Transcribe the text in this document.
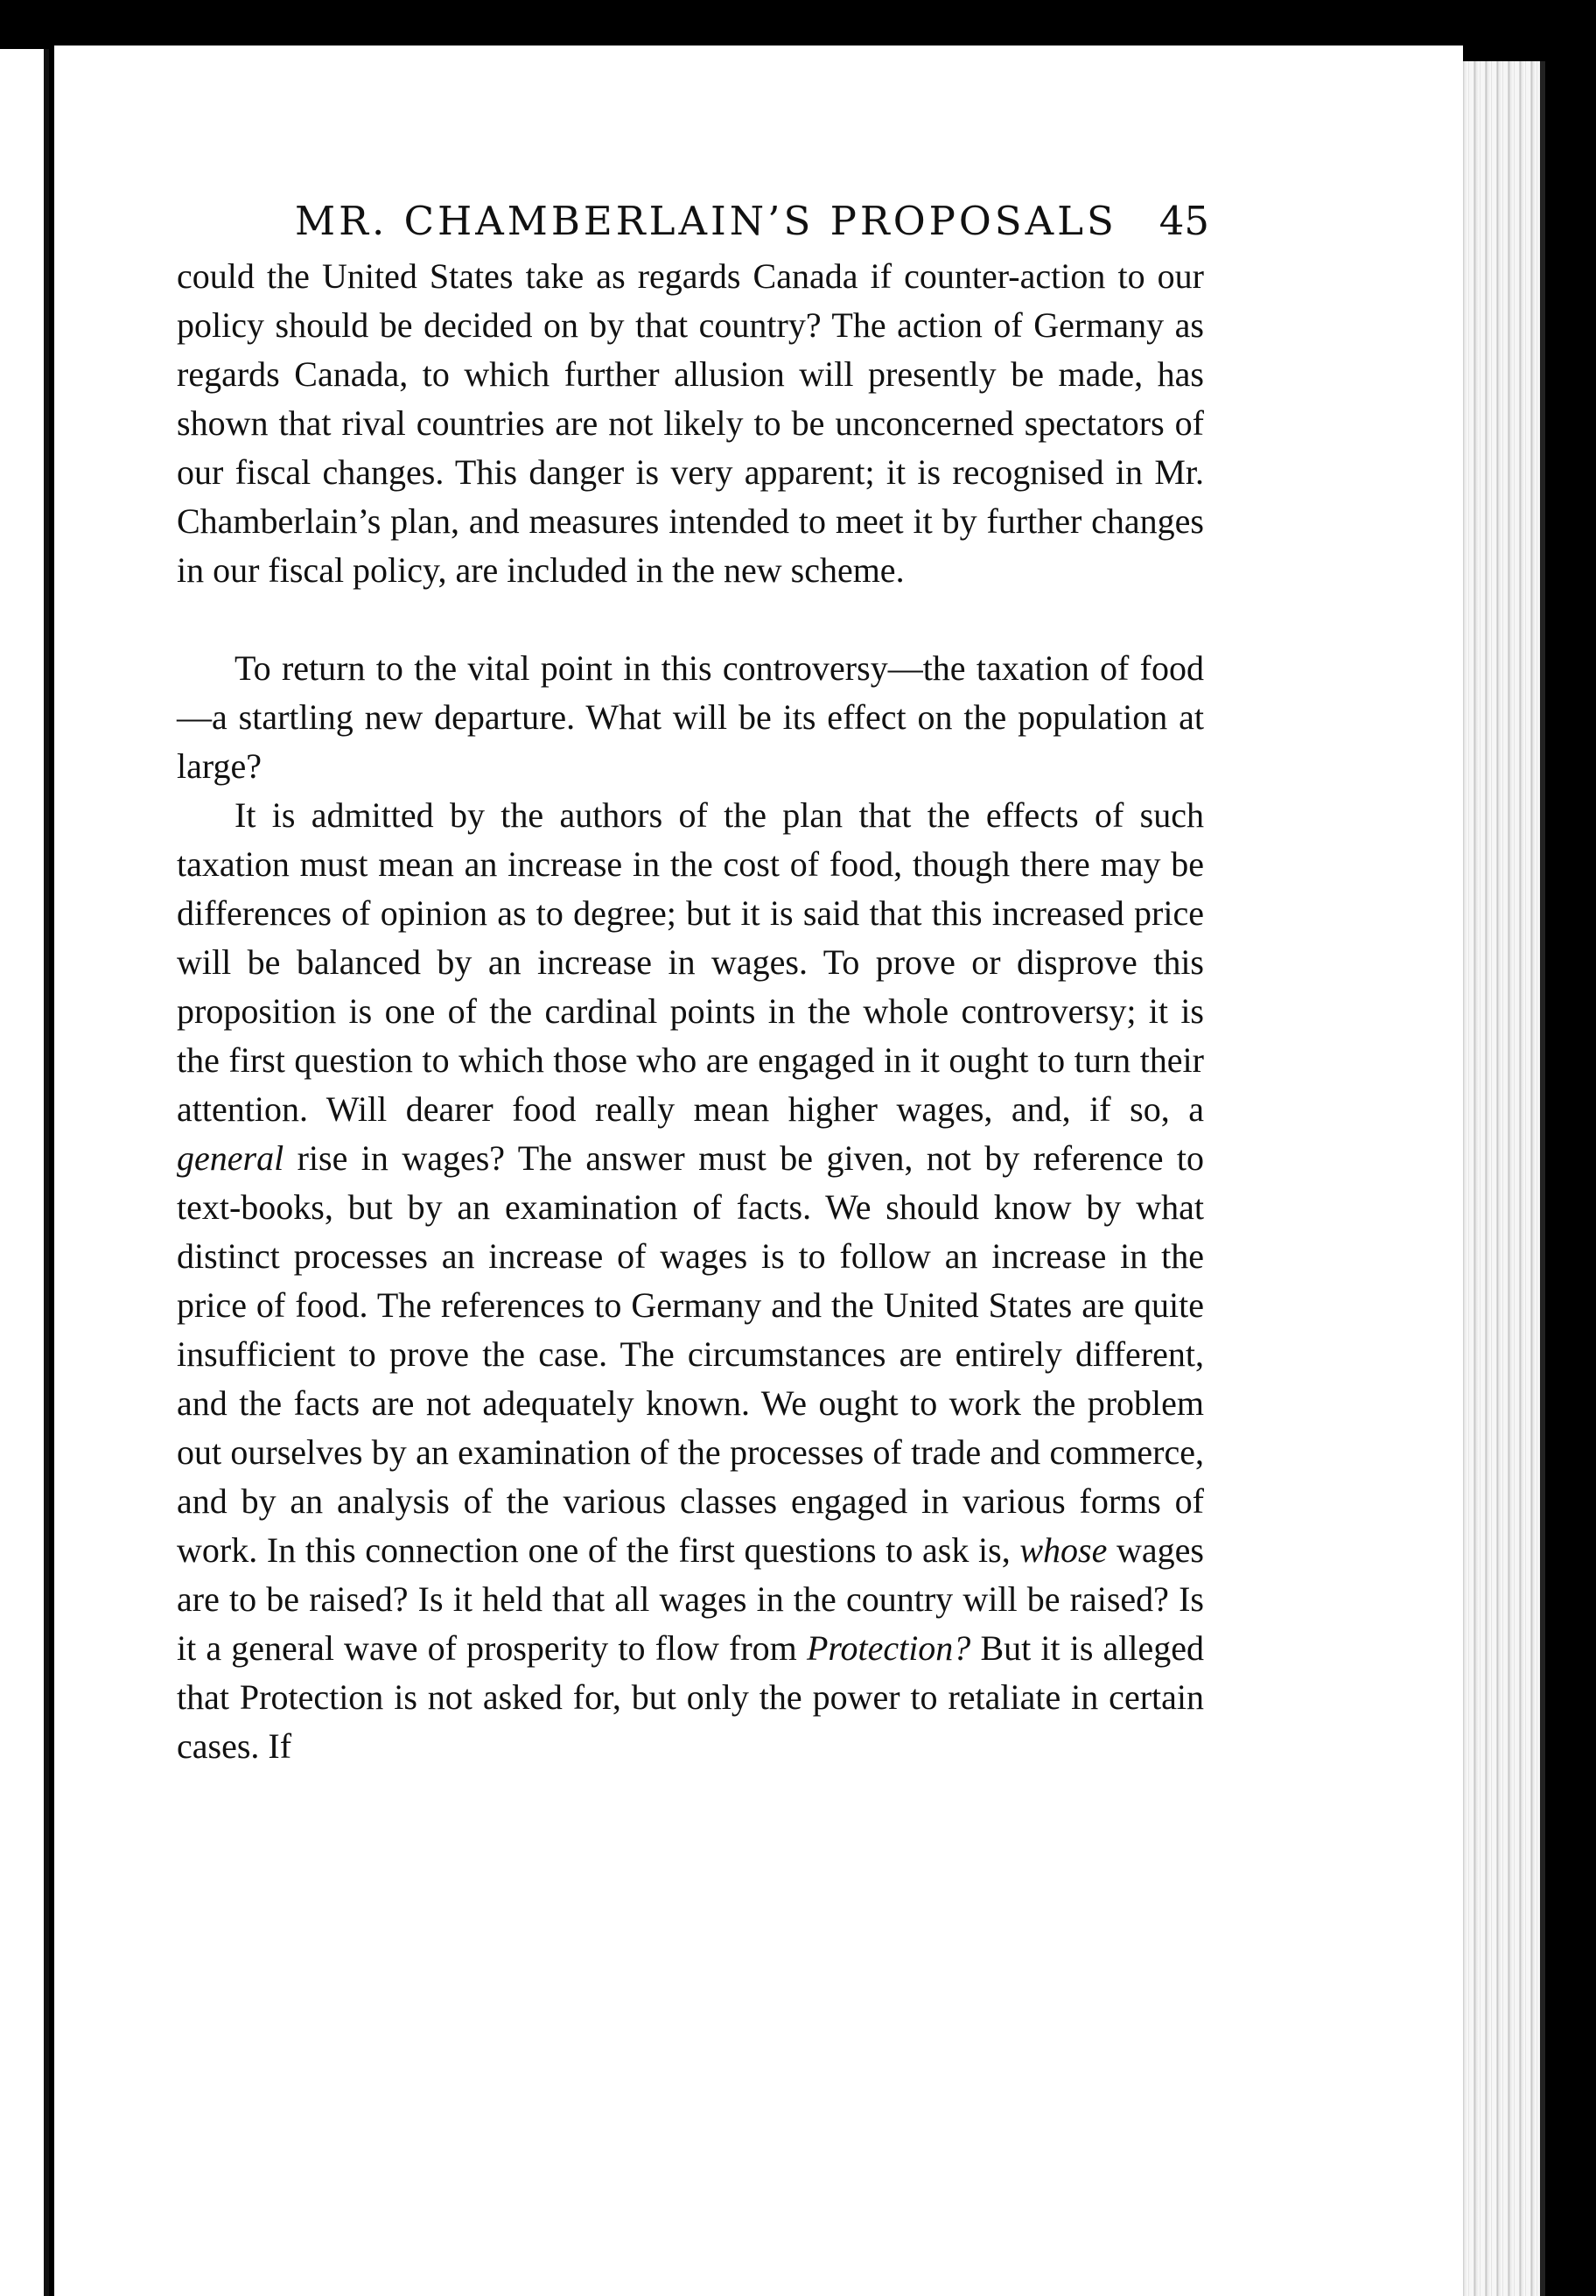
MR. CHAMBERLAIN’S PROPOSALS 45

could the United States take as regards Canada if counter-action to our policy should be decided on by that country? The action of Germany as regards Canada, to which further allusion will presently be made, has shown that rival countries are not likely to be unconcerned spectators of our fiscal changes. This danger is very apparent; it is recognised in Mr. Chamberlain’s plan, and measures intended to meet it by further changes in our fiscal policy, are included in the new scheme.

To return to the vital point in this controversy—the taxation of food—a startling new departure. What will be its effect on the population at large?

It is admitted by the authors of the plan that the effects of such taxation must mean an increase in the cost of food, though there may be differences of opinion as to degree; but it is said that this increased price will be balanced by an increase in wages. To prove or disprove this proposition is one of the cardinal points in the whole controversy; it is the first question to which those who are engaged in it ought to turn their attention. Will dearer food really mean higher wages, and, if so, a general rise in wages? The answer must be given, not by reference to text-books, but by an examination of facts. We should know by what distinct processes an increase of wages is to follow an increase in the price of food. The references to Germany and the United States are quite insufficient to prove the case. The circumstances are entirely different, and the facts are not adequately known. We ought to work the problem out ourselves by an examination of the processes of trade and commerce, and by an analysis of the various classes engaged in various forms of work. In this connection one of the first questions to ask is, whose wages are to be raised? Is it held that all wages in the country will be raised? Is it a general wave of prosperity to flow from Protection? But it is alleged that Protection is not asked for, but only the power to retaliate in certain cases. If
